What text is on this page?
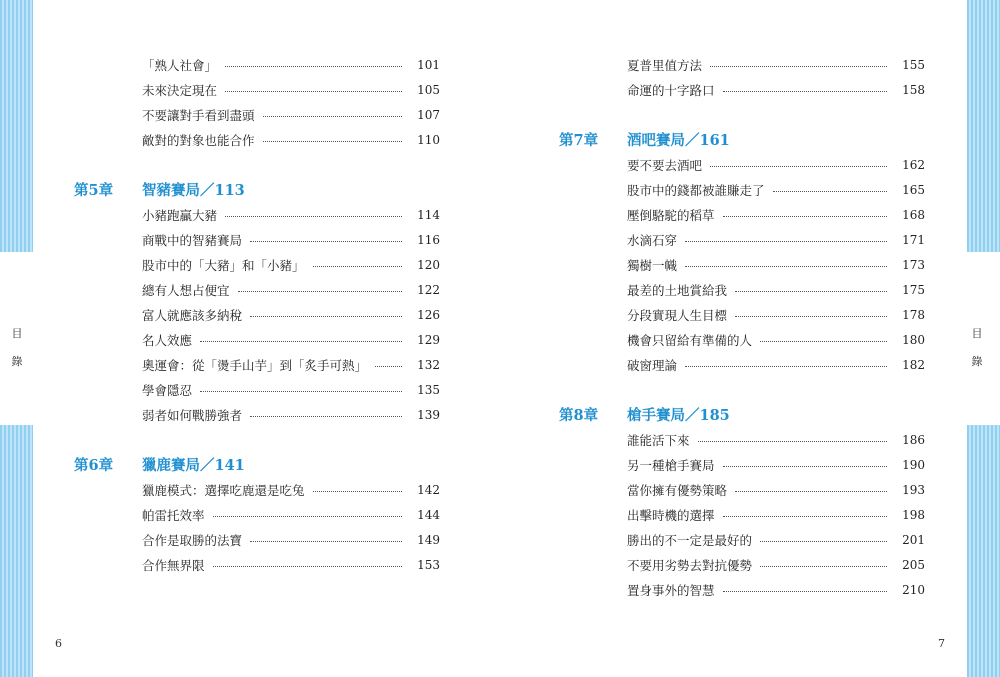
目
錄
目
錄
「熟人社會」	101
未來決定現在	105
不要讓對手看到盡頭	107
敵對的對象也能合作	110
第5章	智豬賽局／113
小豬跑贏大豬	114
商戰中的智豬賽局	116
股市中的「大豬」和「小豬」	120
總有人想占便宜	122
富人就應該多納稅	126
名人效應	129
奧運會：從「燙手山芋」到「炙手可熱」	132
學會隱忍	135
弱者如何戰勝強者	139
第6章	獵鹿賽局／141
獵鹿模式：選擇吃鹿還是吃兔	142
帕雷托效率	144
合作是取勝的法寶	149
合作無界限	153
夏普里值方法	155
命運的十字路口	158
第7章	酒吧賽局／161
要不要去酒吧	162
股市中的錢都被誰賺走了	165
壓倒駱駝的稻草	168
水滴石穿	171
獨樹一幟	173
最差的土地賞給我	175
分段實現人生目標	178
機會只留給有準備的人	180
破窗理論	182
第8章	槍手賽局／185
誰能活下來	186
另一種槍手賽局	190
當你擁有優勢策略	193
出擊時機的選擇	198
勝出的不一定是最好的	201
不要用劣勢去對抗優勢	205
置身事外的智慧	210
6	7
